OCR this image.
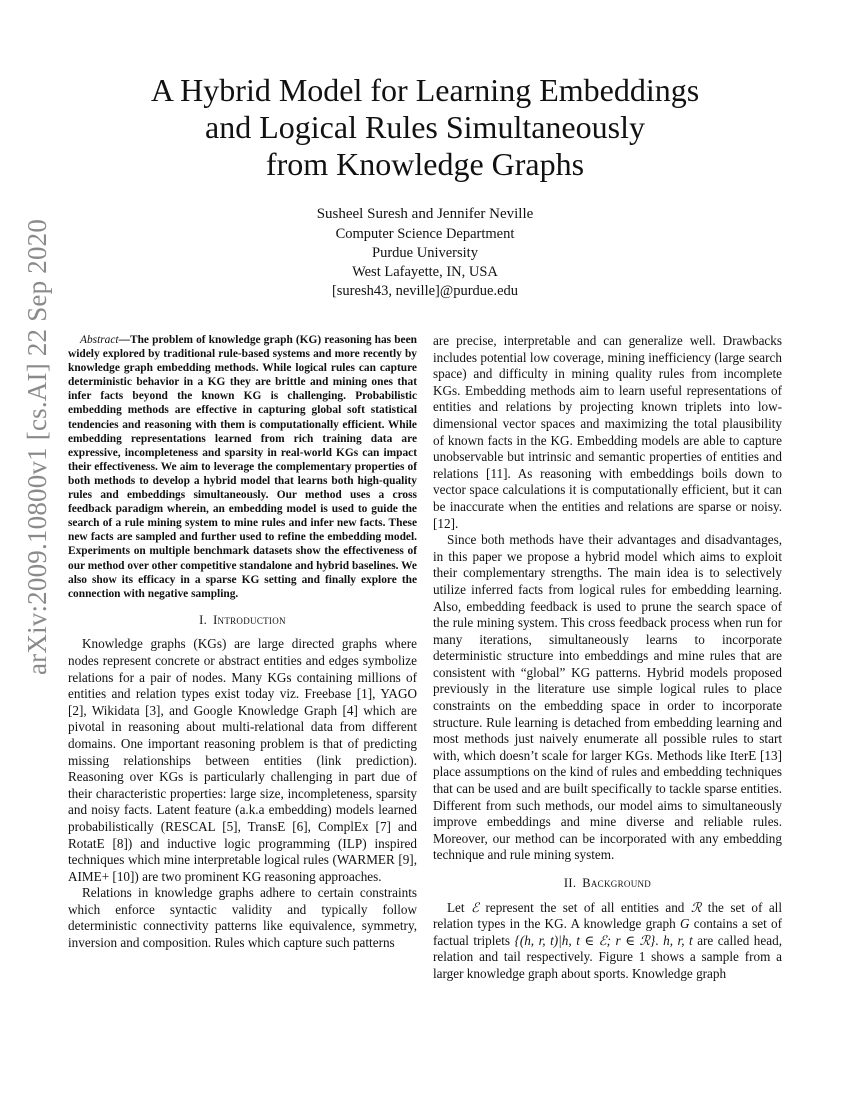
arXiv:2009.10800v1 [cs.AI] 22 Sep 2020
A Hybrid Model for Learning Embeddings
and Logical Rules Simultaneously
from Knowledge Graphs
Susheel Suresh and Jennifer Neville
Computer Science Department
Purdue University
West Lafayette, IN, USA
[suresh43, neville]@purdue.edu

Abstract—The problem of knowledge graph (KG) reasoning has been widely explored by traditional rule-based systems and more recently by knowledge graph embedding methods. While logical rules can capture deterministic behavior in a KG they are brittle and mining ones that infer facts beyond the known KG is challenging. Probabilistic embedding methods are effective in capturing global soft statistical tendencies and reasoning with them is computationally efficient. While embedding representations learned from rich training data are expressive, incompleteness and sparsity in real-world KGs can impact their effectiveness. We aim to leverage the complementary properties of both methods to develop a hybrid model that learns both high-quality rules and embeddings simultaneously. Our method uses a cross feedback paradigm wherein, an embedding model is used to guide the search of a rule mining system to mine rules and infer new facts. These new facts are sampled and further used to refine the embedding model. Experiments on multiple benchmark datasets show the effectiveness of our method over other competitive standalone and hybrid baselines. We also show its efficacy in a sparse KG setting and finally explore the connection with negative sampling.

I. Introduction

Knowledge graphs (KGs) are large directed graphs where nodes represent concrete or abstract entities and edges symbolize relations for a pair of nodes. Many KGs containing millions of entities and relation types exist today viz. Freebase [1], YAGO [2], Wikidata [3], and Google Knowledge Graph [4] which are pivotal in reasoning about multi-relational data from different domains. One important reasoning problem is that of predicting missing relationships between entities (link prediction). Reasoning over KGs is particularly challenging in part due of their characteristic properties: large size, incompleteness, sparsity and noisy facts. Latent feature (a.k.a embedding) models learned probabilistically (RESCAL [5], TransE [6], ComplEx [7] and RotatE [8]) and inductive logic programming (ILP) inspired techniques which mine interpretable logical rules (WARMER [9], AIME+ [10]) are two prominent KG reasoning approaches.

Relations in knowledge graphs adhere to certain constraints which enforce syntactic validity and typically follow deterministic connectivity patterns like equivalence, symmetry, inversion and composition. Rules which capture such patterns

are precise, interpretable and can generalize well. Drawbacks includes potential low coverage, mining inefficiency (large search space) and difficulty in mining quality rules from incomplete KGs. Embedding methods aim to learn useful representations of entities and relations by projecting known triplets into low-dimensional vector spaces and maximizing the total plausibility of known facts in the KG. Embedding models are able to capture unobservable but intrinsic and semantic properties of entities and relations [11]. As reasoning with embeddings boils down to vector space calculations it is computationally efficient, but it can be inaccurate when the entities and relations are sparse or noisy. [12].

Since both methods have their advantages and disadvantages, in this paper we propose a hybrid model which aims to exploit their complementary strengths. The main idea is to selectively utilize inferred facts from logical rules for embedding learning. Also, embedding feedback is used to prune the search space of the rule mining system. This cross feedback process when run for many iterations, simultaneously learns to incorporate deterministic structure into embeddings and mine rules that are consistent with “global” KG patterns. Hybrid models proposed previously in the literature use simple logical rules to place constraints on the embedding space in order to incorporate structure. Rule learning is detached from embedding learning and most methods just naively enumerate all possible rules to start with, which doesn’t scale for larger KGs. Methods like IterE [13] place assumptions on the kind of rules and embedding techniques that can be used and are built specifically to tackle sparse entities. Different from such methods, our model aims to simultaneously improve embeddings and mine diverse and reliable rules. Moreover, our method can be incorporated with any embedding technique and rule mining system.

II. Background

Let ℰ represent the set of all entities and ℛ the set of all relation types in the KG. A knowledge graph G contains a set of factual triplets {(h, r, t)|h, t ∈ ℰ; r ∈ ℛ}. h, r, t are called head, relation and tail respectively. Figure 1 shows a sample from a larger knowledge graph about sports. Knowledge graph
